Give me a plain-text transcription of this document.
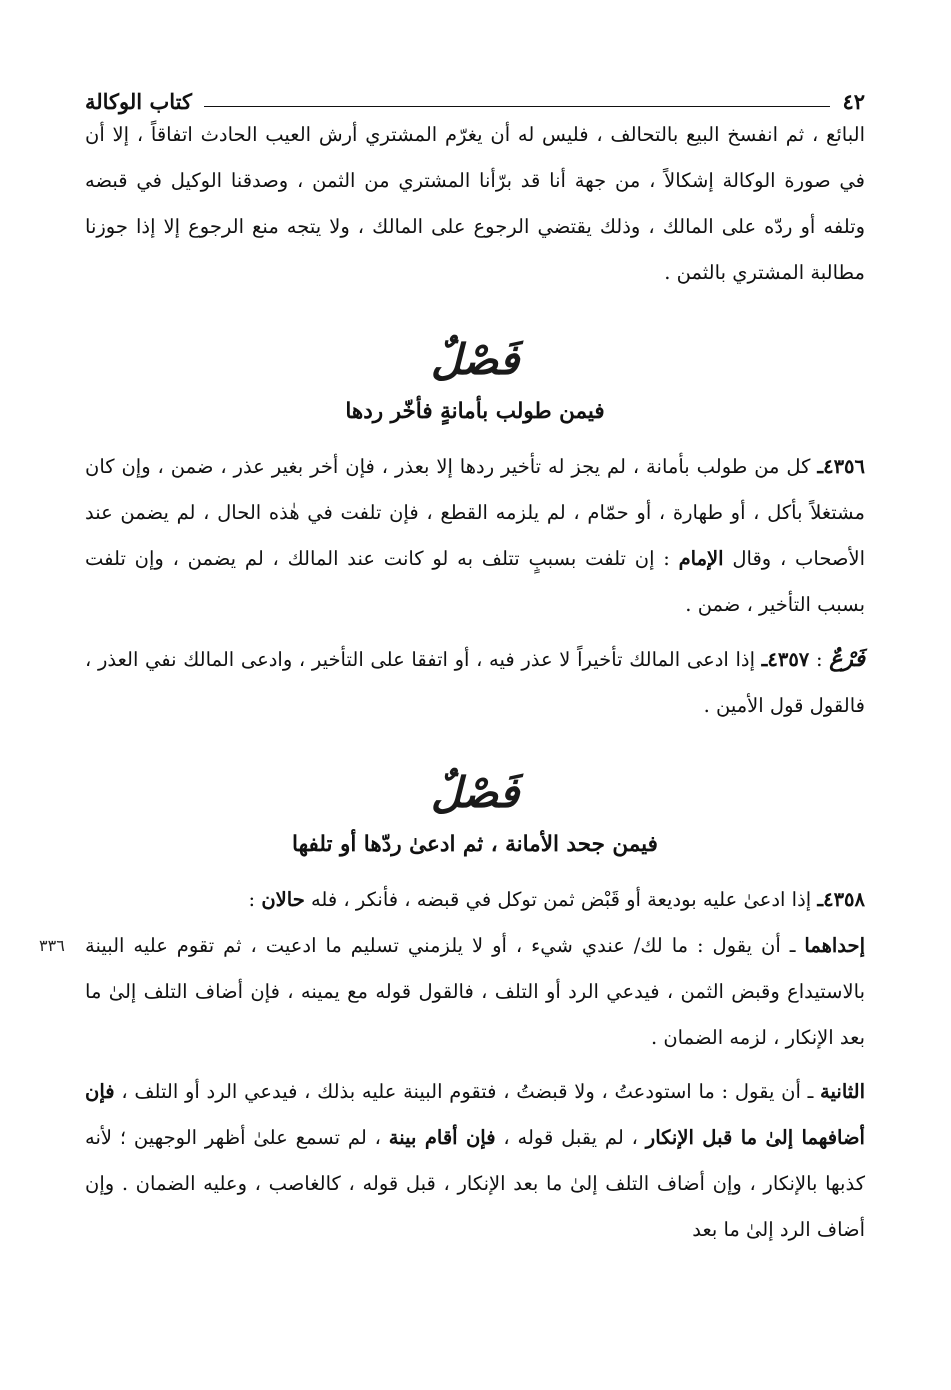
٤٢
كتاب الوكالة

البائع ، ثم انفسخ البيع بالتحالف ، فليس له أن يغرّم المشتري أرش العيب الحادث اتفاقاً ، إلا أن في صورة الوكالة إشكالاً ، من جهة أنا قد برّأنا المشتري من الثمن ، وصدقنا الوكيل في قبضه وتلفه أو ردّه على المالك ، وذلك يقتضي الرجوع على المالك ، ولا يتجه منع الرجوع إلا إذا جوزنا مطالبة المشتري بالثمن .

فَصْلٌ
فيمن طولب بأمانةٍ فأخّر ردها

٤٣٥٦ـ كل من طولب بأمانة ، لم يجز له تأخير ردها إلا بعذر ، فإن أخر بغير عذر ، ضمن ، وإن كان مشتغلاً بأكل ، أو طهارة ، أو حمّام ، لم يلزمه القطع ، فإن تلفت في هٰذه الحال ، لم يضمن عند الأصحاب ، وقال الإمام : إن تلفت بسببٍ تتلف به لو كانت عند المالك ، لم يضمن ، وإن تلفت بسبب التأخير ، ضمن .

فَرْعٌ : ٤٣٥٧ـ إذا ادعى المالك تأخيراً لا عذر فيه ، أو اتفقا على التأخير ، وادعى المالك نفي العذر ، فالقول قول الأمين .

فَصْلٌ
فيمن جحد الأمانة ، ثم ادعىٰ ردّها أو تلفها

٤٣٥٨ـ إذا ادعىٰ عليه بوديعة أو قَبْض ثمن توكل في قبضه ، فأنكر ، فله حالان :

٣٣٦	إحداهما ـ أن يقول : ما لك/ عندي شيء ، أو لا يلزمني تسليم ما ادعيت ، ثم تقوم عليه البينة بالاستيداع وقبض الثمن ، فيدعي الرد أو التلف ، فالقول قوله مع يمينه ، فإن أضاف التلف إلىٰ ما بعد الإنكار ، لزمه الضمان .

الثانية ـ أن يقول : ما استودعتُ ، ولا قبضتُ ، فتقوم البينة عليه بذلك ، فيدعي الرد أو التلف ، فإن أضافهما إلىٰ ما قبل الإنكار ، لم يقبل قوله ، فإن أقام بينة ، لم تسمع علىٰ أظهر الوجهين ؛ لأنه كذبها بالإنكار ، وإن أضاف التلف إلىٰ ما بعد الإنكار ، قبل قوله ، كالغاصب ، وعليه الضمان . وإن أضاف الرد إلىٰ ما بعد
